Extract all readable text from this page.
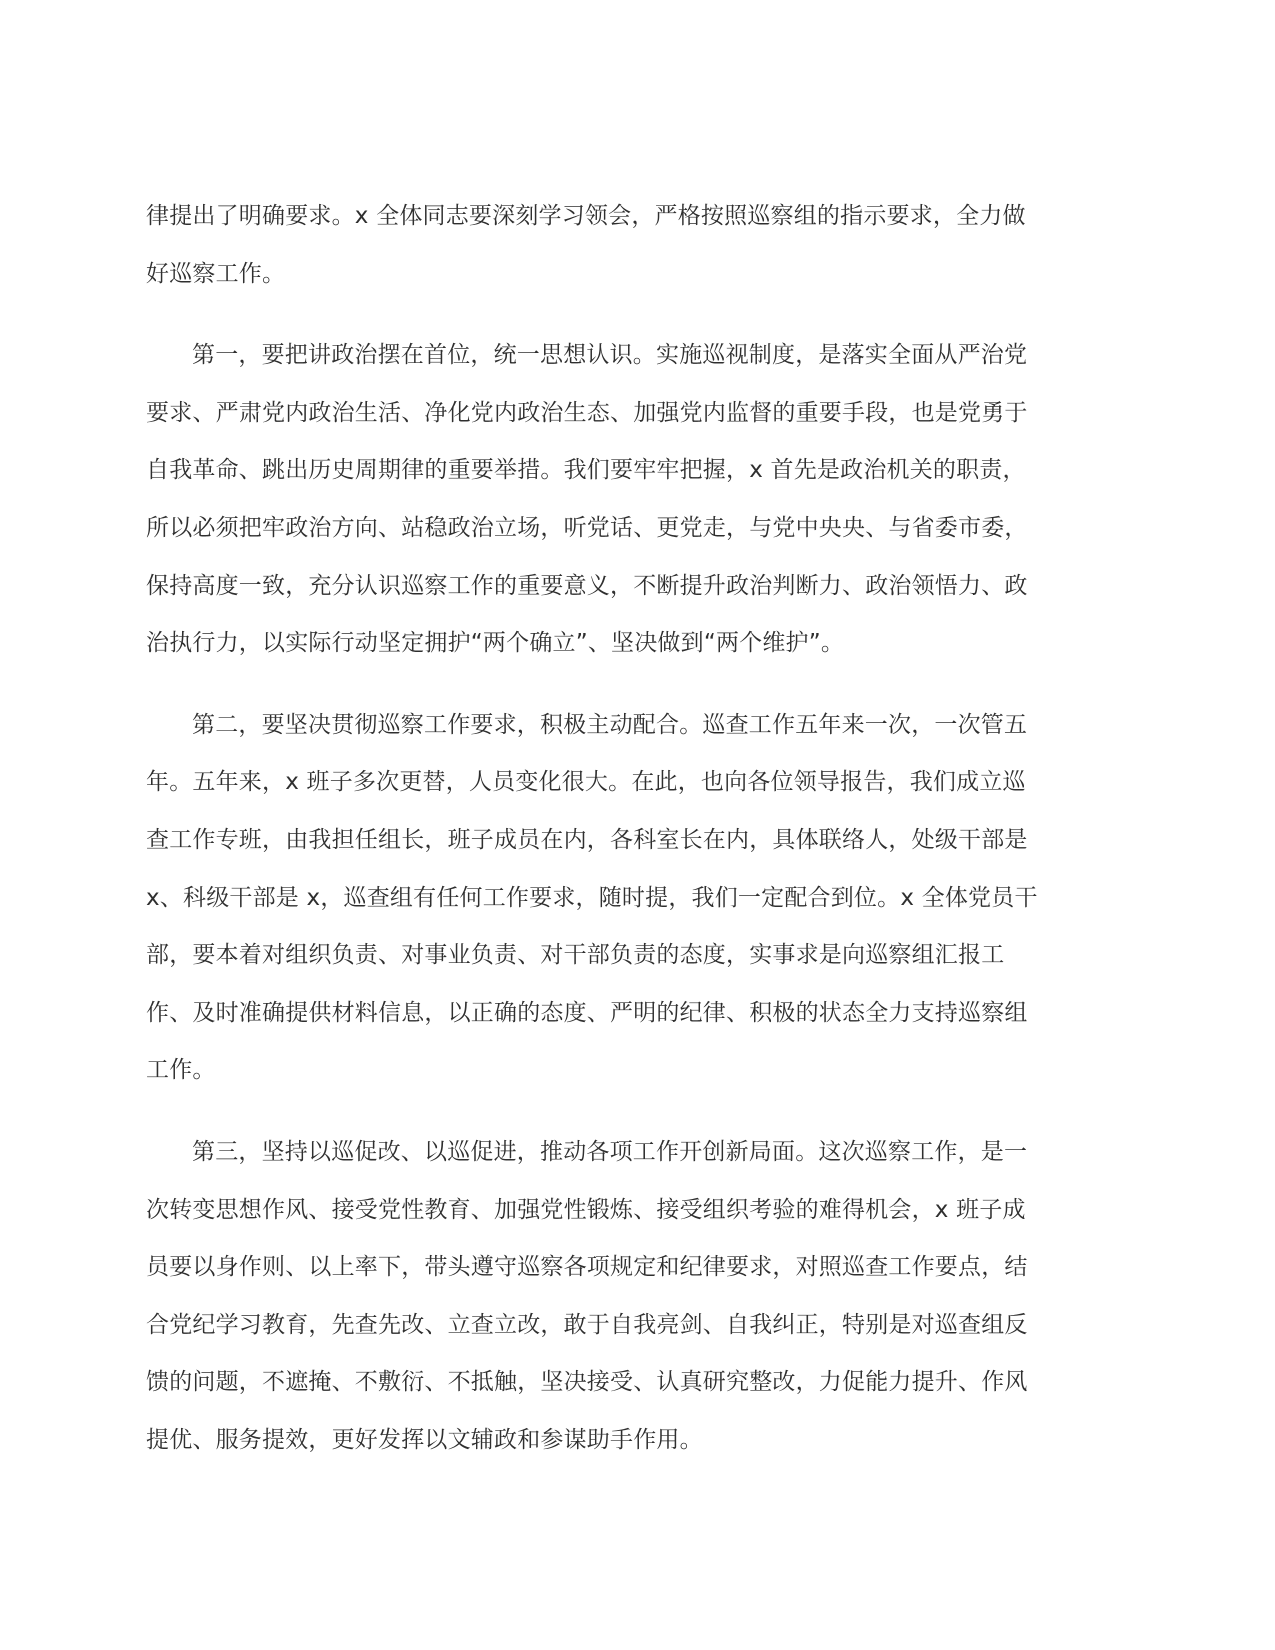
律提出了明确要求。x 全体同志要深刻学习领会，严格按照巡察组的指示要求，全力做
好巡察工作。
第一，要把讲政治摆在首位，统一思想认识。实施巡视制度，是落实全面从严治党
要求、严肃党内政治生活、净化党内政治生态、加强党内监督的重要手段，也是党勇于
自我革命、跳出历史周期律的重要举措。我们要牢牢把握，x 首先是政治机关的职责，
所以必须把牢政治方向、站稳政治立场，听党话、更党走，与党中央央、与省委市委，
保持高度一致，充分认识巡察工作的重要意义，不断提升政治判断力、政治领悟力、政
治执行力，以实际行动坚定拥护“两个确立”、坚决做到“两个维护”。
第二，要坚决贯彻巡察工作要求，积极主动配合。巡查工作五年来一次，一次管五
年。五年来，x 班子多次更替，人员变化很大。在此，也向各位领导报告，我们成立巡
查工作专班，由我担任组长，班子成员在内，各科室长在内，具体联络人，处级干部是
x、科级干部是 x，巡查组有任何工作要求，随时提，我们一定配合到位。x 全体党员干
部，要本着对组织负责、对事业负责、对干部负责的态度，实事求是向巡察组汇报工
作、及时准确提供材料信息，以正确的态度、严明的纪律、积极的状态全力支持巡察组
工作。
第三，坚持以巡促改、以巡促进，推动各项工作开创新局面。这次巡察工作，是一
次转变思想作风、接受党性教育、加强党性锻炼、接受组织考验的难得机会，x 班子成
员要以身作则、以上率下，带头遵守巡察各项规定和纪律要求，对照巡查工作要点，结
合党纪学习教育，先查先改、立查立改，敢于自我亮剑、自我纠正，特别是对巡查组反
馈的问题，不遮掩、不敷衍、不抵触，坚决接受、认真研究整改，力促能力提升、作风
提优、服务提效，更好发挥以文辅政和参谋助手作用。
